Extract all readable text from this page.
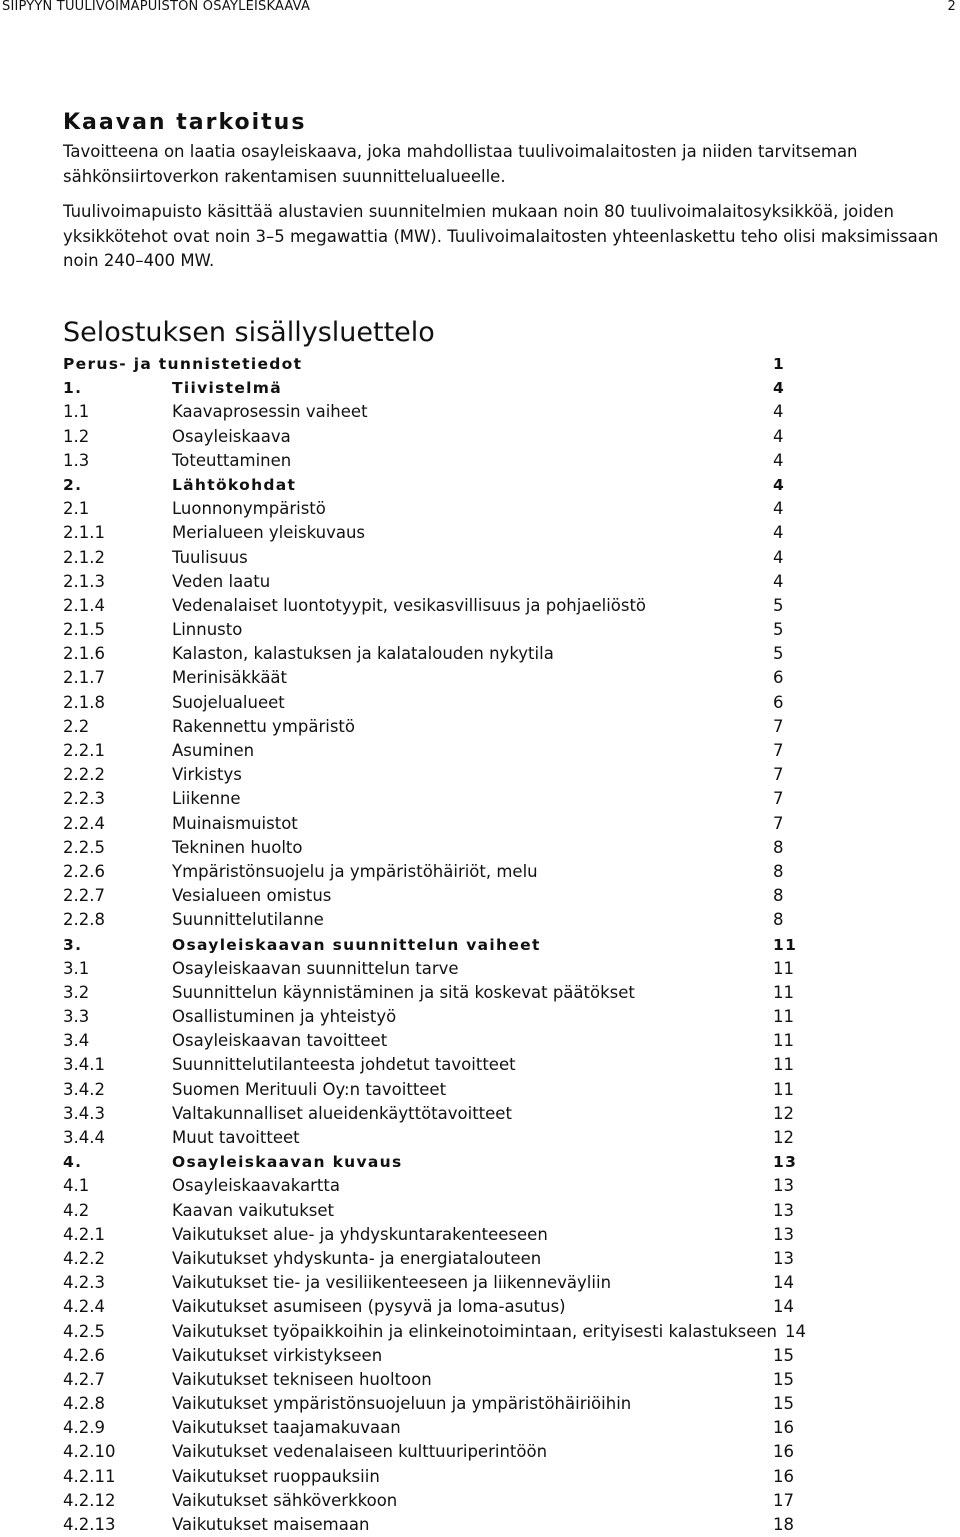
SIIPYYN TUULIVOIMAPUISTON OSAYLEISKAAVA	2
Kaavan tarkoitus

Tavoitteena on laatia osayleiskaava, joka mahdollistaa tuulivoimalaitosten ja niiden tarvitseman sähkönsiirtoverkon rakentamisen suunnittelualueelle.

Tuulivoimapuisto käsittää alustavien suunnitelmien mukaan noin 80 tuulivoimalaitosyksikköä, joiden yksikkötehot ovat noin 3–5 megawattia (MW). Tuulivoimalaitosten yhteenlaskettu teho olisi maksimissaan noin 240–400 MW.

Selostuksen sisällysluettelo
Perus- ja tunnistetiedot	1
1.	Tiivistelmä	4
1.1	Kaavaprosessin vaiheet	4
1.2	Osayleiskaava	4
1.3	Toteuttaminen	4
2.	Lähtökohdat	4
2.1	Luonnonympäristö	4
2.1.1	Merialueen yleiskuvaus	4
2.1.2	Tuulisuus	4
2.1.3	Veden laatu	4
2.1.4	Vedenalaiset luontotyypit, vesikasvillisuus ja pohjaeliöstö	5
2.1.5	Linnusto	5
2.1.6	Kalaston, kalastuksen ja kalatalouden nykytila	5
2.1.7	Merinisäkkäät	6
2.1.8	Suojelualueet	6
2.2	Rakennettu ympäristö	7
2.2.1	Asuminen	7
2.2.2	Virkistys	7
2.2.3	Liikenne	7
2.2.4	Muinaismuistot	7
2.2.5	Tekninen huolto	8
2.2.6	Ympäristönsuojelu ja ympäristöhäiriöt, melu	8
2.2.7	Vesialueen omistus	8
2.2.8	Suunnittelutilanne	8
3.	Osayleiskaavan suunnittelun vaiheet	11
3.1	Osayleiskaavan suunnittelun tarve	11
3.2	Suunnittelun käynnistäminen ja sitä koskevat päätökset	11
3.3	Osallistuminen ja yhteistyö	11
3.4	Osayleiskaavan tavoitteet	11
3.4.1	Suunnittelutilanteesta johdetut tavoitteet	11
3.4.2	Suomen Merituuli Oy:n tavoitteet	11
3.4.3	Valtakunnalliset alueidenkäyttötavoitteet	12
3.4.4	Muut tavoitteet	12
4.	Osayleiskaavan kuvaus	13
4.1	Osayleiskaavakartta	13
4.2	Kaavan vaikutukset	13
4.2.1	Vaikutukset alue- ja yhdyskuntarakenteeseen	13
4.2.2	Vaikutukset yhdyskunta- ja energiatalouteen	13
4.2.3	Vaikutukset tie- ja vesiliikenteeseen ja liikenneväyliin	14
4.2.4	Vaikutukset asumiseen (pysyvä ja loma-asutus)	14
4.2.5	Vaikutukset työpaikkoihin ja elinkeinotoimintaan, erityisesti kalastukseen 14
4.2.6	Vaikutukset virkistykseen	15
4.2.7	Vaikutukset tekniseen huoltoon	15
4.2.8	Vaikutukset ympäristönsuojeluun ja ympäristöhäiriöihin	15
4.2.9	Vaikutukset taajamakuvaan	16
4.2.10	Vaikutukset vedenalaiseen kulttuuriperintöön	16
4.2.11	Vaikutukset ruoppauksiin	16
4.2.12	Vaikutukset sähköverkkoon	17
4.2.13	Vaikutukset maisemaan	18
